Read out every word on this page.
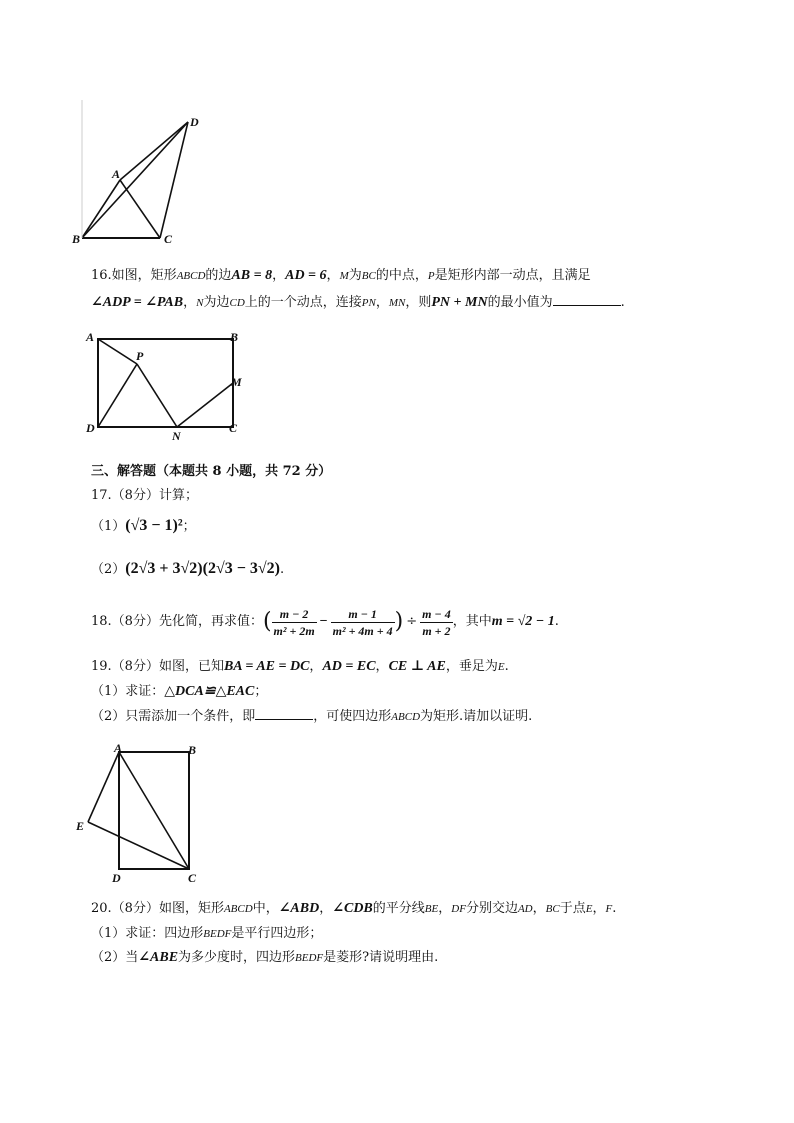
A
B	C
D
16.如图，矩形ABCD的边AB = 8，AD = 6，M为BC的中点，P是矩形内部一动点，且满足
∠ADP = ∠PAB，N为边CD上的一个动点，连接PN，MN，则PN + MN的最小值为	.
A	B
P
M
D
N
C
三、解答题（本题共 8 小题，共 72 分）
17.（8分）计算；
（1）(√3 − 1)²；
（2）(2√3 + 3√2)(2√3 − 3√2).
18.（8分）先化简，再求值： ( $\frac{m - 2}{\text{m² + 2m}} - \frac{m - 1}{\text{m² + 4m + 4}}$ ) ÷ $\frac{m - 4}{m + 2}$ ，其中 m = √2 − 1 .
19.（8分）如图，已知BA = AE = DC，AD = EC，CE ⊥ AE，垂足为E.
（1）求证：△DCA≌△EAC；
（2）只需添加一个条件，即	，可使四边形ABCD为矩形.请加以证明.
A	B
E
D	C
20.（8分）如图，矩形ABCD中，∠ABD，∠CDB的平分线BE，DF分别交边AD，BC于点E，F.
（1）求证：四边形BEDF是平行四边形；
（2）当∠ABE为多少度时，四边形BEDF是菱形?请说明理由.
